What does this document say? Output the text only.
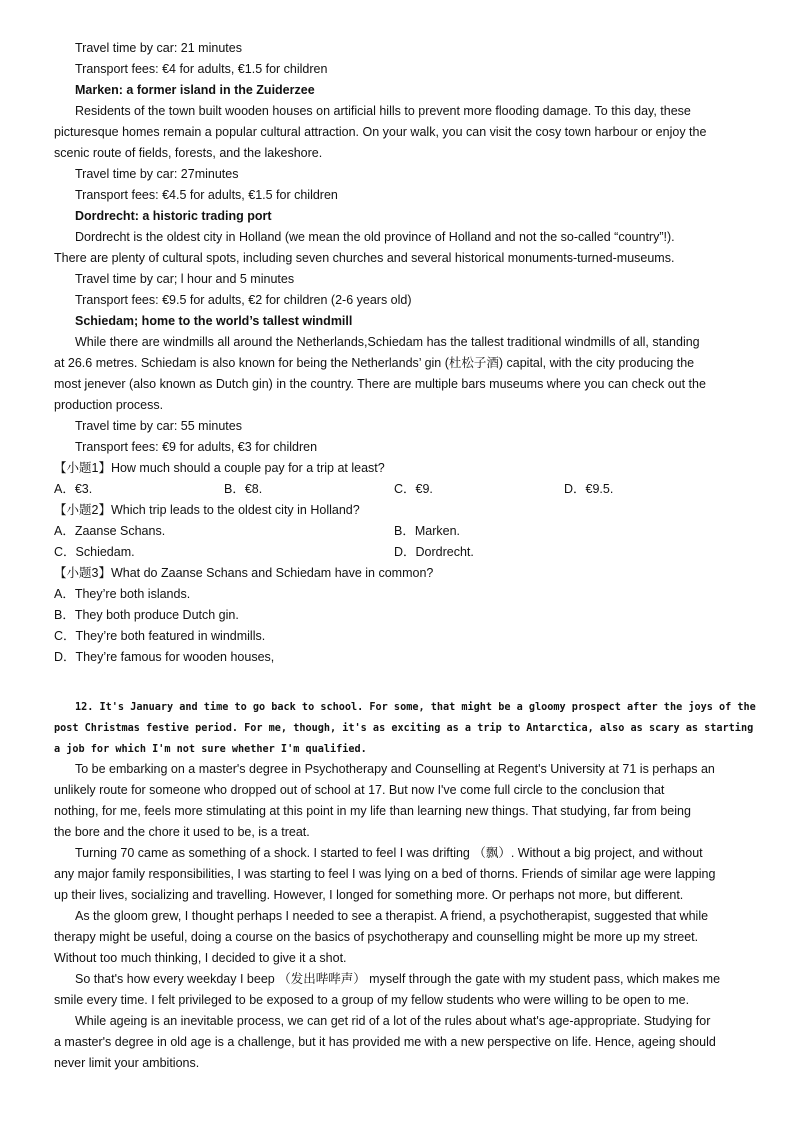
Travel time by car: 21 minutes
Transport fees: €4 for adults, €1.5 for children
Marken: a former island in the Zuiderzee
Residents of the town built wooden houses on artificial hills to prevent more flooding damage. To this day, these
picturesque homes remain a popular cultural attraction. On your walk, you can visit the cosy town harbour or enjoy the
scenic route of fields, forests, and the lakeshore.
Travel time by car: 27minutes
Transport fees: €4.5 for adults, €1.5 for children
Dordrecht: a historic trading port
Dordrecht is the oldest city in Holland (we mean the old province of Holland and not the so-called “country”!).
There are plenty of cultural spots, including seven churches and several historical monuments-turned-museums.
Travel time by car; l hour and 5 minutes
Transport fees: €9.5 for adults, €2 for children (2-6 years old)
Schiedam; home to the world’s tallest windmill
While there are windmills all around the Netherlands,Schiedam has the tallest traditional windmills of all, standing
at 26.6 metres. Schiedam is also known for being the Netherlands’ gin (杜松子酒) capital, with the city producing the
most jenever (also known as Dutch gin) in the country. There are multiple bars museums where you can check out the
production process.
Travel time by car: 55 minutes
Transport fees: €9 for adults, €3 for children
【小题1】How much should a couple pay for a trip at least?
A．€3.	B．€8.	C．€9.	D．€9.5.
【小题2】Which trip leads to the oldest city in Holland?
A．Zaanse Schans.	B．Marken.
C．Schiedam.	D．Dordrecht.
【小题3】What do Zaanse Schans and Schiedam have in common?
A．They’re both islands.
B．They both produce Dutch gin.
C．They’re both featured in windmills.
D．They’re famous for wooden houses,
12. It's January and time to go back to school. For some, that might be a gloomy prospect after the joys of the
post Christmas festive period. For me, though, it's as exciting as a trip to Antarctica, also as scary as starting
a job for which I'm not sure whether I'm qualified.
To be embarking on a master's degree in Psychotherapy and Counselling at Regent's University at 71 is perhaps an
unlikely route for someone who dropped out of school at 17. But now I've come full circle to the conclusion that
nothing, for me, feels more stimulating at this point in my life than learning new things. That studying, far from being
the bore and the chore it used to be, is a treat.
Turning 70 came as something of a shock. I started to feel I was drifting （飘）. Without a big project, and without
any major family responsibilities, I was starting to feel I was lying on a bed of thorns. Friends of similar age were lapping
up their lives, socializing and travelling. However, I longed for something more. Or perhaps not more, but different.
As the gloom grew, I thought perhaps I needed to see a therapist. A friend, a psychotherapist, suggested that while
therapy might be useful, doing a course on the basics of psychotherapy and counselling might be more up my street.
Without too much thinking, I decided to give it a shot.
So that's how every weekday I beep （发出哔哔声） myself through the gate with my student pass, which makes me
smile every time. I felt privileged to be exposed to a group of my fellow students who were willing to be open to me.
While ageing is an inevitable process, we can get rid of a lot of the rules about what's age-appropriate. Studying for
a master's degree in old age is a challenge, but it has provided me with a new perspective on life. Hence, ageing should
never limit your ambitions.
